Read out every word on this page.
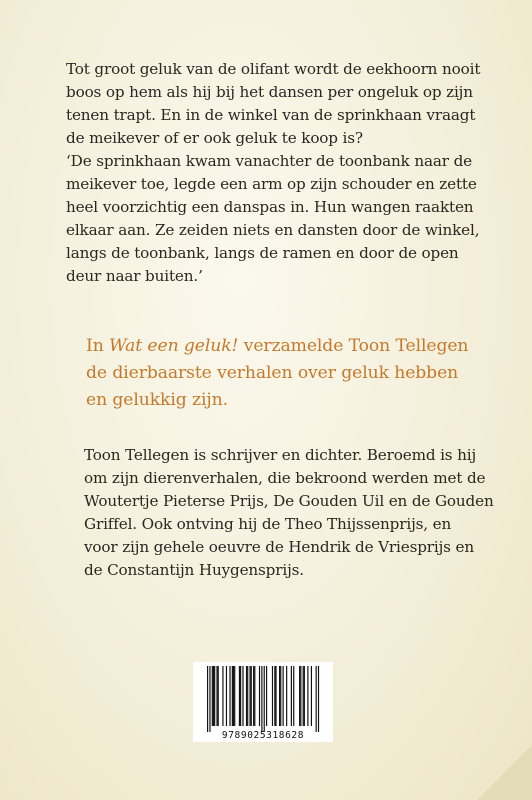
Tot groot geluk van de olifant wordt de eekhoorn nooit

boos op hem als hij bij het dansen per ongeluk op zijn

tenen trapt. En in de winkel van de sprinkhaan vraagt

de meikever of er ook geluk te koop is?

‘De sprinkhaan kwam vanachter de toonbank naar de

meikever toe, legde een arm op zijn schouder en zette

heel voorzichtig een danspas in. Hun wangen raakten

elkaar aan. Ze zeiden niets en dansten door de winkel,

langs de toonbank, langs de ramen en door de open

deur naar buiten.’

In Wat een geluk! verzamelde Toon Tellegen
de dierbaarste verhalen over geluk hebben
en gelukkig zijn.

Toon Tellegen is schrijver en dichter. Beroemd is hij

om zijn dierenverhalen, die bekroond werden met de

Woutertje Pieterse Prijs, De Gouden Uil en de Gouden

Griffel. Ook ontving hij de Theo Thijssenprijs, en

voor zijn gehele oeuvre de Hendrik de Vriesprijs en

de Constantijn Huygensprijs.

9789025318628
